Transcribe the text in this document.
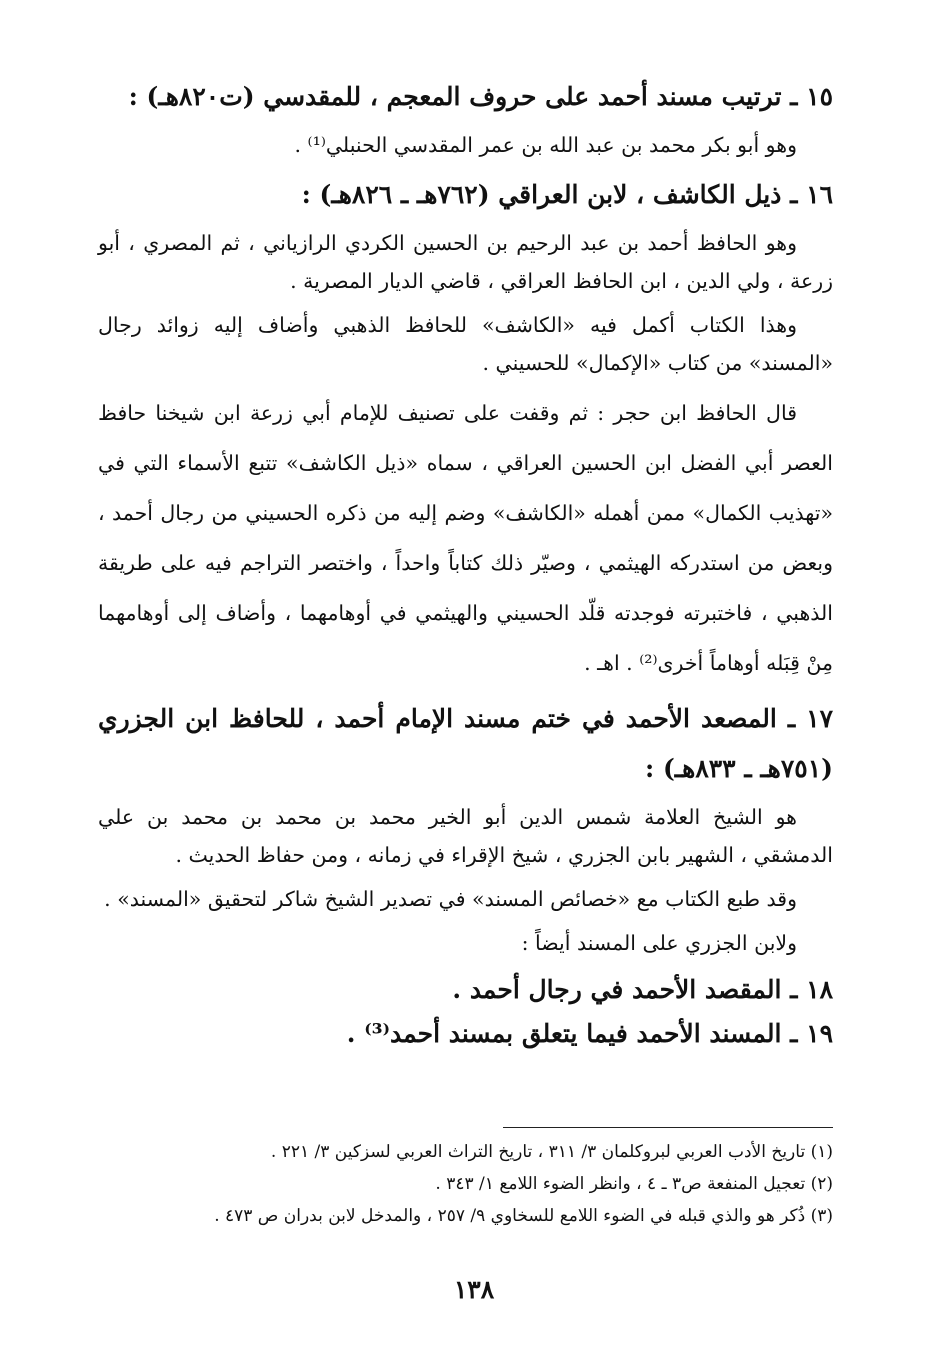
١٥ ـ ترتيب مسند أحمد على حروف المعجم ، للمقدسي (ت٨٢٠هـ) :

وهو أبو بكر محمد بن عبد الله بن عمر المقدسي الحنبلي⁽¹⁾ .

١٦ ـ ذيل الكاشف ، لابن العراقي (٧٦٢هـ ـ ٨٢٦هـ) :

وهو الحافظ أحمد بن عبد الرحيم بن الحسين الكردي الرازياني ، ثم المصري ، أبو زرعة ، ولي الدين ، ابن الحافظ العراقي ، قاضي الديار المصرية .

وهذا الكتاب أكمل فيه «الكاشف» للحافظ الذهبي وأضاف إليه زوائد رجال «المسند» من كتاب «الإكمال» للحسيني .

قال الحافظ ابن حجر : ثم وقفت على تصنيف للإمام أبي زرعة ابن شيخنا حافظ العصر أبي الفضل ابن الحسين العراقي ، سماه «ذيل الكاشف» تتبع الأسماء التي في «تهذيب الكمال» ممن أهمله «الكاشف» وضم إليه من ذكره الحسيني من رجال أحمد ، وبعض من استدركه الهيثمي ، وصيّر ذلك كتاباً واحداً ، واختصر التراجم فيه على طريقة الذهبي ، فاختبرته فوجدته قلّد الحسيني والهيثمي في أوهامهما ، وأضاف إلى أوهامهما مِنْ قِبَله أوهاماً أخرى⁽²⁾ . اهـ .

١٧ ـ المصعد الأحمد في ختم مسند الإمام أحمد ، للحافظ ابن الجزري (٧٥١هـ ـ ٨٣٣هـ) :

هو الشيخ العلامة شمس الدين أبو الخير محمد بن محمد بن محمد بن علي الدمشقي ، الشهير بابن الجزري ، شيخ الإقراء في زمانه ، ومن حفاظ الحديث .

وقد طبع الكتاب مع «خصائص المسند» في تصدير الشيخ شاكر لتحقيق «المسند» .

ولابن الجزري على المسند أيضاً :

١٨ ـ المقصد الأحمد في رجال أحمد .

١٩ ـ المسند الأحمد فيما يتعلق بمسند أحمد⁽³⁾ .

(١) تاريخ الأدب العربي لبروكلمان ٣/ ٣١١ ، تاريخ التراث العربي لسزكين ٣/ ٢٢١ .

(٢) تعجيل المنفعة ص٣ ـ ٤ ، وانظر الضوء اللامع ١/ ٣٤٣ .

(٣) ذُكر هو والذي قبله في الضوء اللامع للسخاوي ٩/ ٢٥٧ ، والمدخل لابن بدران ص ٤٧٣ .

١٣٨
